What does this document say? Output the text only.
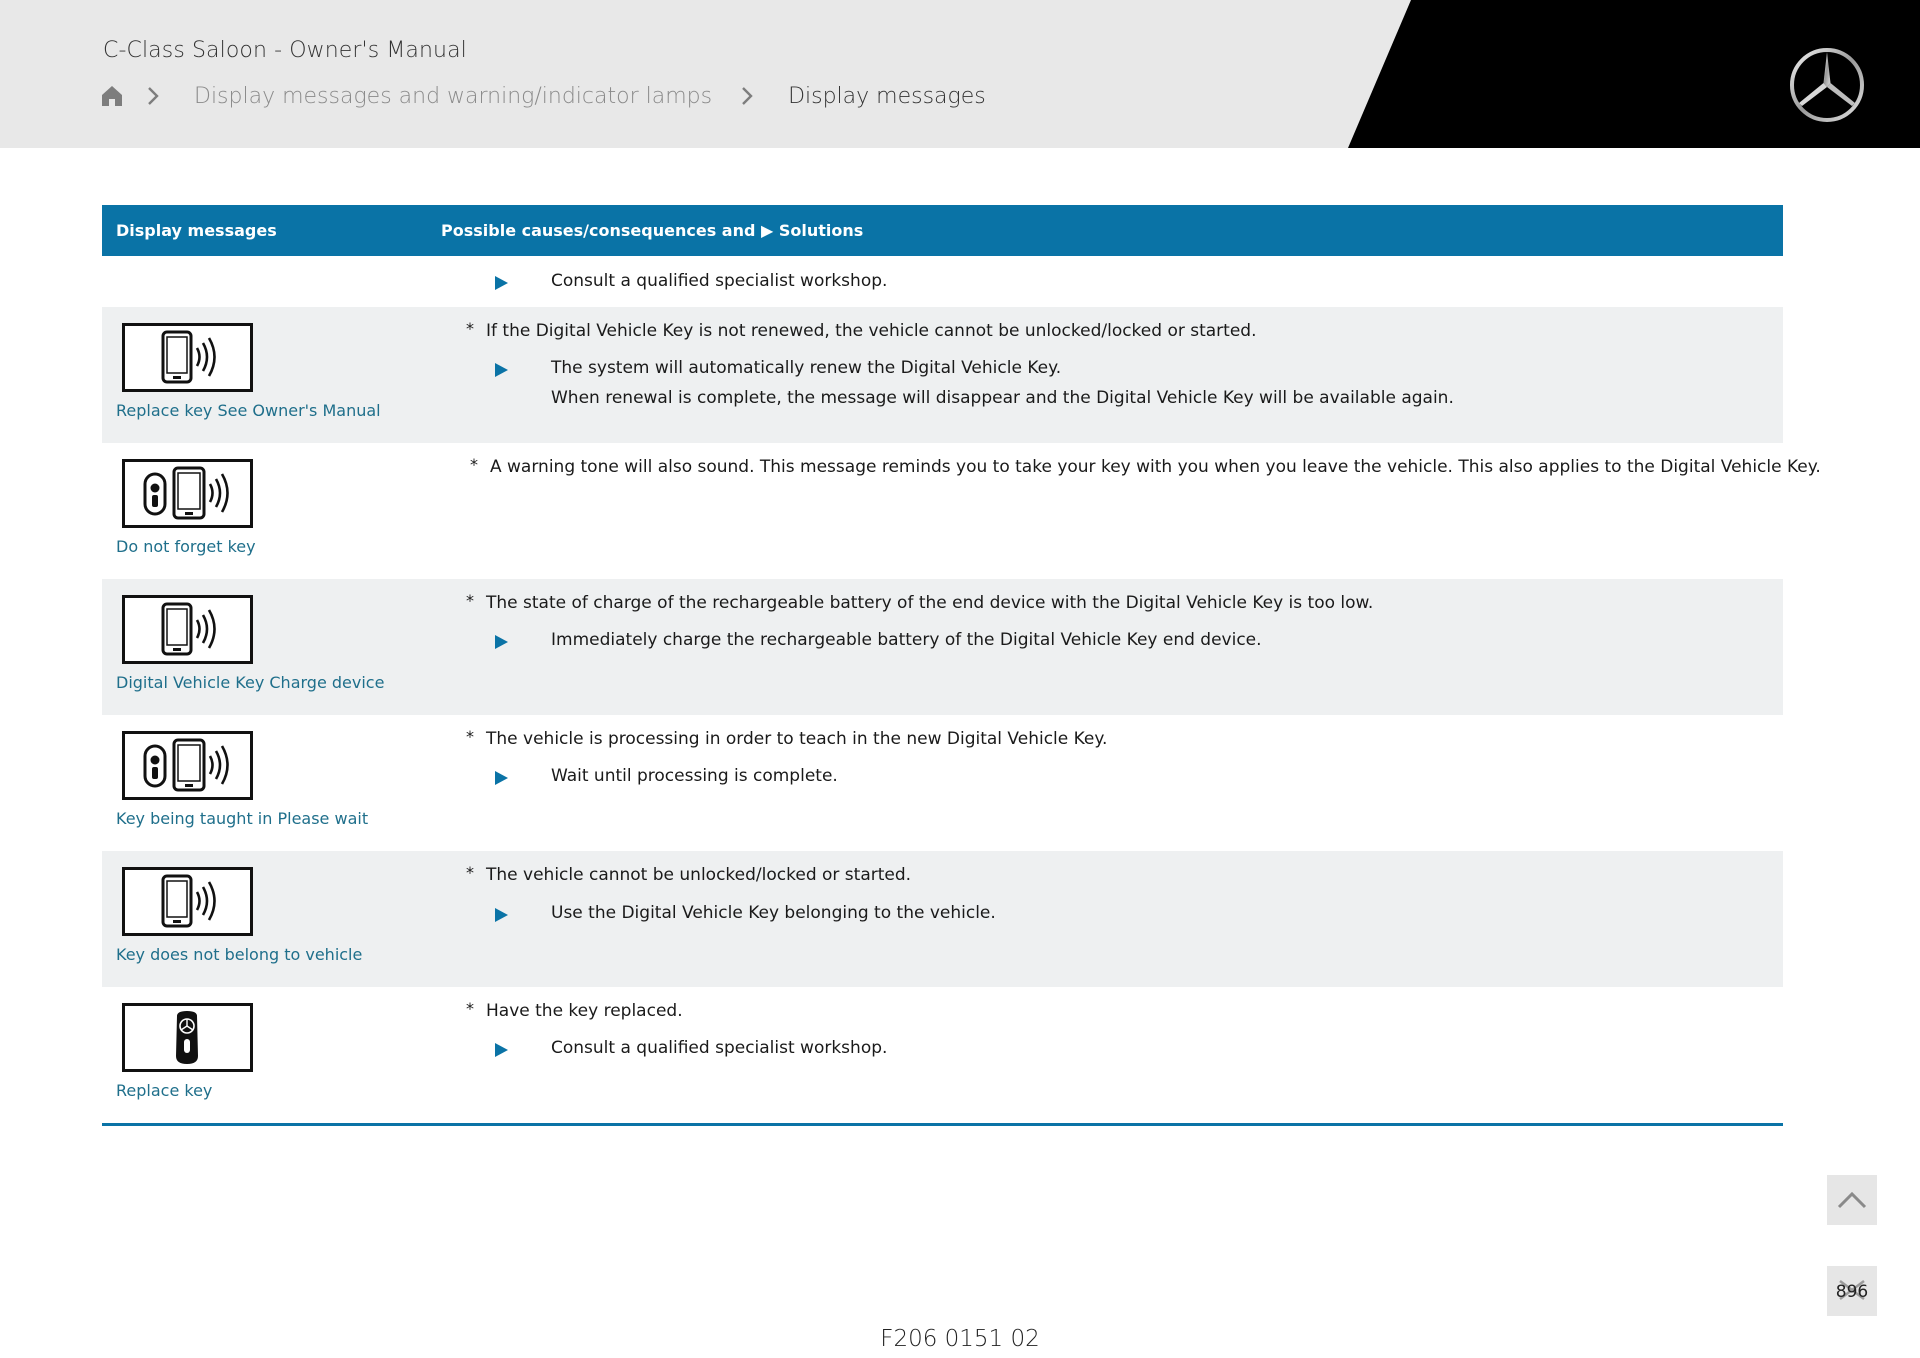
C-Class Saloon - Owner's Manual
Display messages and warning/indicator lamps	Display messages
Display messages	Possible causes/consequences and ▶ Solutions
Consult a qualified specialist workshop.
Replace key See Owner's Manual
* If the Digital Vehicle Key is not renewed, the vehicle cannot be unlocked/locked or started.
The system will automatically renew the Digital Vehicle Key.
When renewal is complete, the message will disappear and the Digital Vehicle Key will be available again.
Do not forget key
* A warning tone will also sound. This message reminds you to take your key with you when you leave the vehicle. This also applies to the Digital Vehicle Key.
Digital Vehicle Key Charge device
* The state of charge of the rechargeable battery of the end device with the Digital Vehicle Key is too low.
Immediately charge the rechargeable battery of the Digital Vehicle Key end device.
Key being taught in Please wait
* The vehicle is processing in order to teach in the new Digital Vehicle Key.
Wait until processing is complete.
Key does not belong to vehicle
* The vehicle cannot be unlocked/locked or started.
Use the Digital Vehicle Key belonging to the vehicle.
Replace key
* Have the key replaced.
Consult a qualified specialist workshop.
896
F206 0151 02
